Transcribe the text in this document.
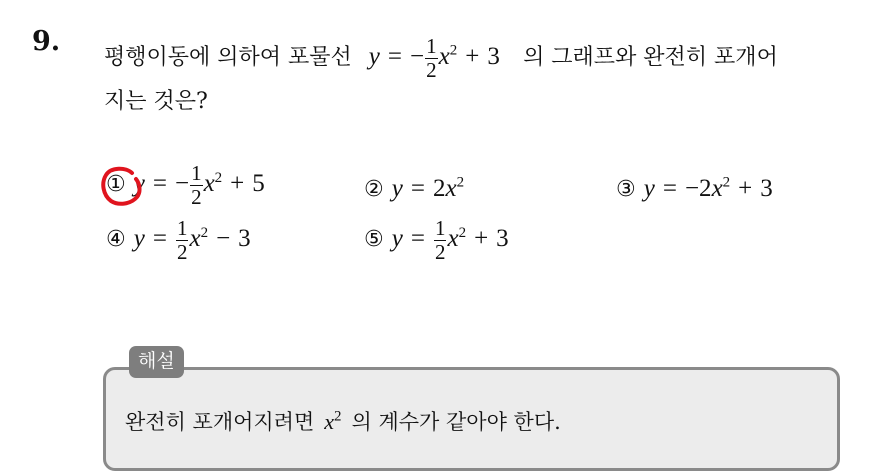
9.
평행이동에 의하여 포물선 y = − $\frac{1}{2} x^2 + 3$ 의 그래프와 완전히 포개어
지는 것은?
① y = − $\frac{1}{2} x^2 + 5$	② $y = 2x^2$	③ $y = -2x^2 + 3$
④ $y = \frac{1}{2} x^2 - 3$	⑤ $y = \frac{1}{2} x^2 + 3$
해설
완전히 포개어지려면 $x^2$ 의 계수가 같아야 한다.
